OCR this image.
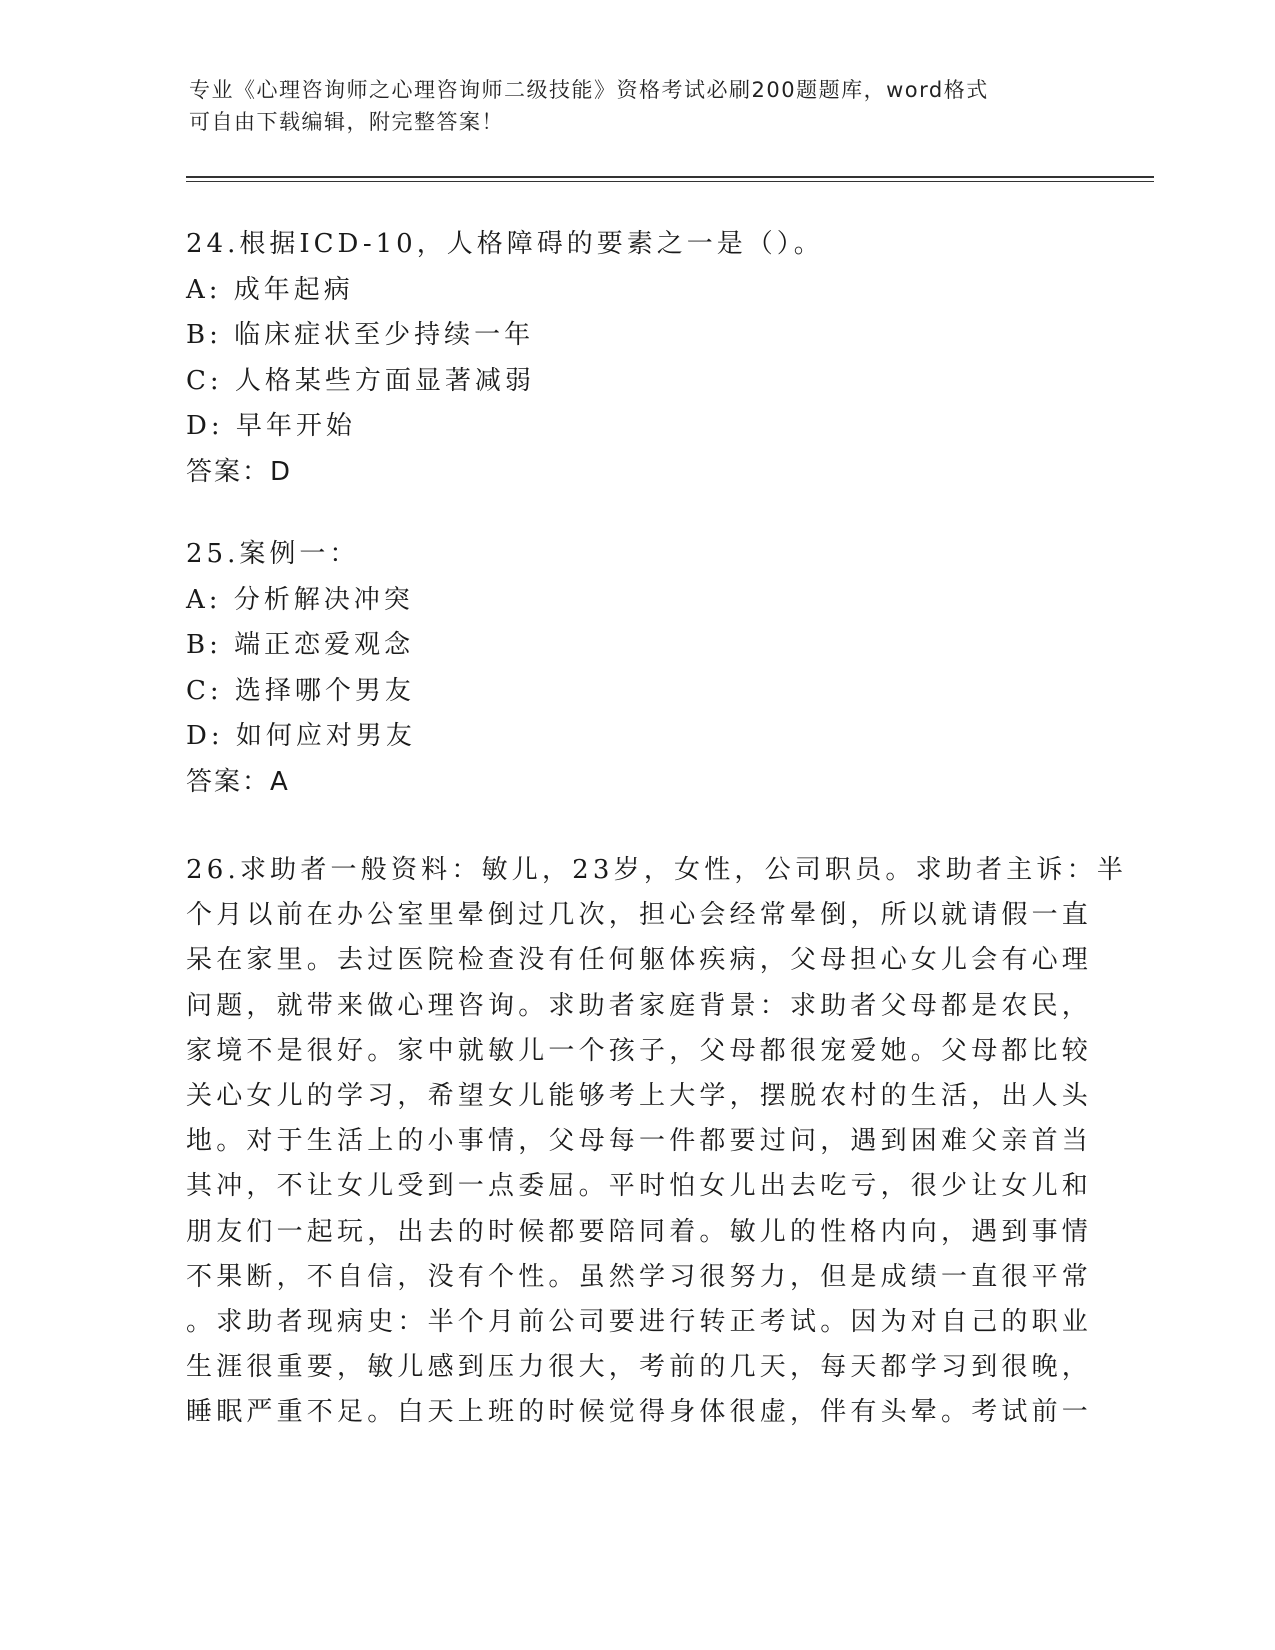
专业《心理咨询师之心理咨询师二级技能》资格考试必刷200题题库，word格式
可自由下载编辑，附完整答案！
24.根据ICD-10，人格障碍的要素之一是（）。
A: 成年起病
B: 临床症状至少持续一年
C: 人格某些方面显著减弱
D: 早年开始
答案：D
25.案例一：
A: 分析解决冲突
B: 端正恋爱观念
C: 选择哪个男友
D: 如何应对男友
答案：A
26.求助者一般资料：敏儿，23岁，女性，公司职员。求助者主诉：半
个月以前在办公室里晕倒过几次，担心会经常晕倒，所以就请假一直
呆在家里。去过医院检查没有任何躯体疾病，父母担心女儿会有心理
问题，就带来做心理咨询。求助者家庭背景：求助者父母都是农民，
家境不是很好。家中就敏儿一个孩子，父母都很宠爱她。父母都比较
关心女儿的学习，希望女儿能够考上大学，摆脱农村的生活，出人头
地。对于生活上的小事情，父母每一件都要过问，遇到困难父亲首当
其冲，不让女儿受到一点委屈。平时怕女儿出去吃亏，很少让女儿和
朋友们一起玩，出去的时候都要陪同着。敏儿的性格内向，遇到事情
不果断，不自信，没有个性。虽然学习很努力，但是成绩一直很平常
。求助者现病史：半个月前公司要进行转正考试。因为对自己的职业
生涯很重要，敏儿感到压力很大，考前的几天，每天都学习到很晚，
睡眠严重不足。白天上班的时候觉得身体很虚，伴有头晕。考试前一
